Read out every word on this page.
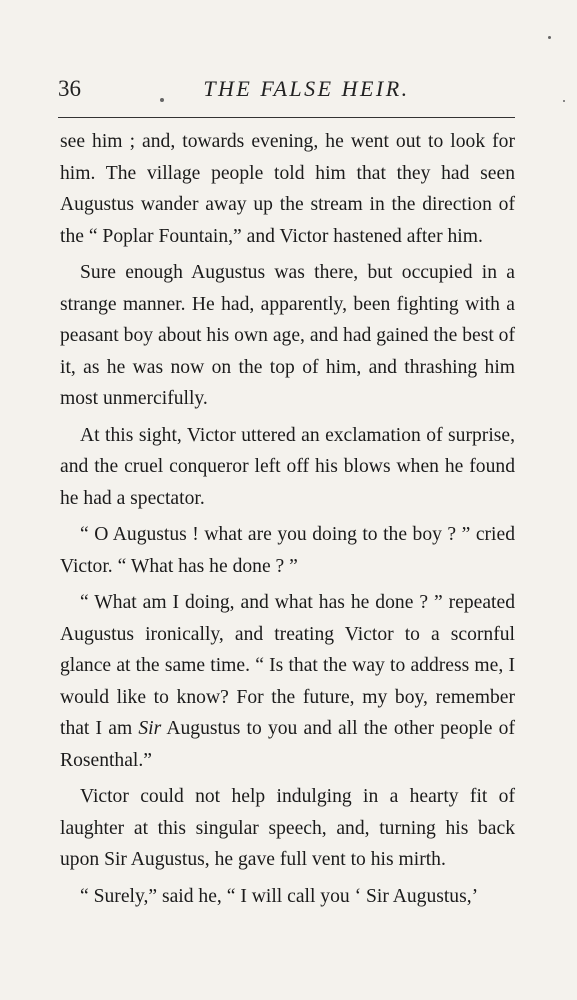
36	THE FALSE HEIR.

see him ; and, towards evening, he went out to look for him. The village people told him that they had seen Augustus wander away up the stream in the direction of the “ Poplar Fountain,” and Victor hastened after him.

Sure enough Augustus was there, but occupied in a strange manner. He had, apparently, been fighting with a peasant boy about his own age, and had gained the best of it, as he was now on the top of him, and thrashing him most unmercifully.

At this sight, Victor uttered an exclamation of surprise, and the cruel conqueror left off his blows when he found he had a spectator.

“ O Augustus ! what are you doing to the boy ? ” cried Victor. “ What has he done ? ”

“ What am I doing, and what has he done ? ” repeated Augustus ironically, and treating Victor to a scornful glance at the same time. “ Is that the way to address me, I would like to know? For the future, my boy, remember that I am Sir Augustus to you and all the other people of Rosenthal.”

Victor could not help indulging in a hearty fit of laughter at this singular speech, and, turning his back upon Sir Augustus, he gave full vent to his mirth.

“ Surely,” said he, “ I will call you ‘ Sir Augustus,’
